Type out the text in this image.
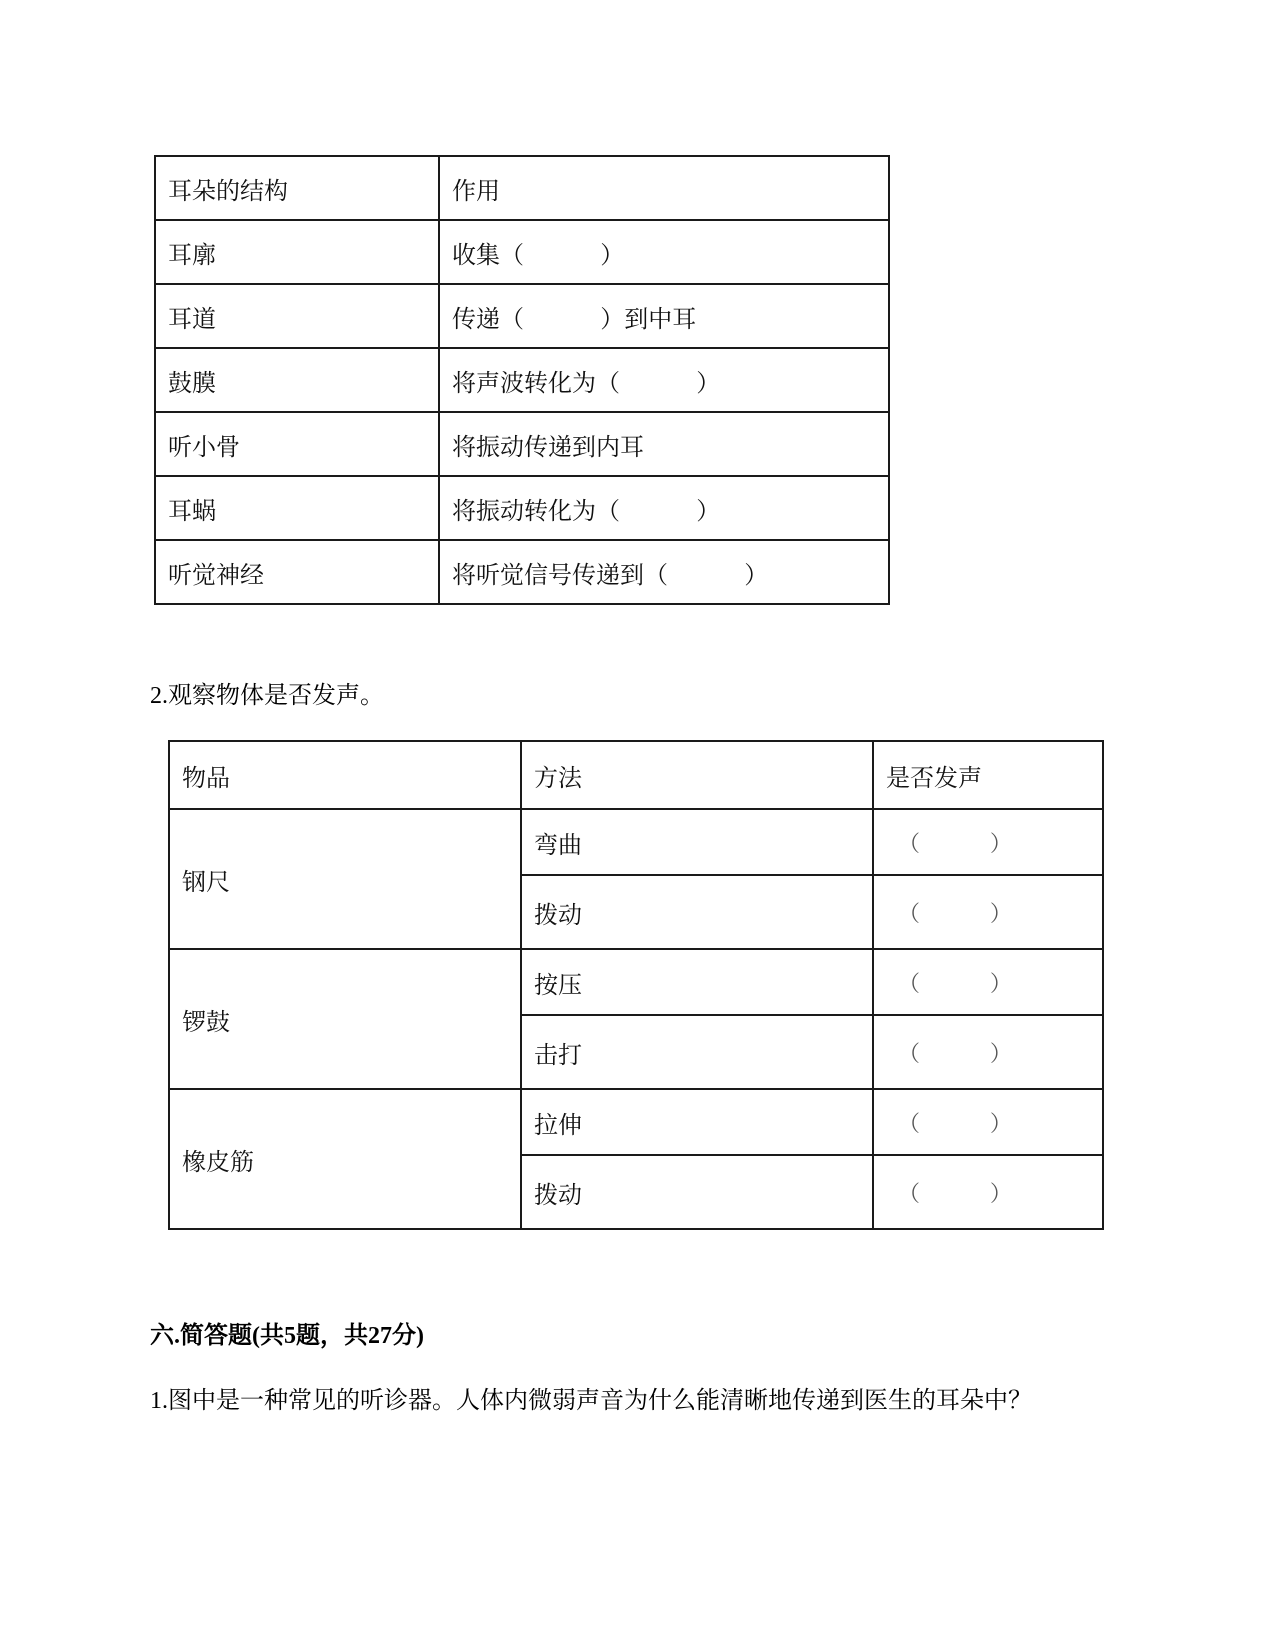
耳朵的结构	作用
耳廓	收集（          ）
耳道	传递（          ）到中耳
鼓膜	将声波转化为（          ）
听小骨	将振动传递到内耳
耳蜗	将振动转化为（          ）
听觉神经	将听觉信号传递到（          ）
2.观察物体是否发声。
物品	方法	是否发声
钢尺	弯曲	（          ）
	拨动	（          ）
锣鼓	按压	（          ）
	击打	（          ）
橡皮筋	拉伸	（          ）
	拨动	（          ）
六.简答题(共5题，共27分)
1.图中是一种常见的听诊器。人体内微弱声音为什么能清晰地传递到医生的耳朵中？
